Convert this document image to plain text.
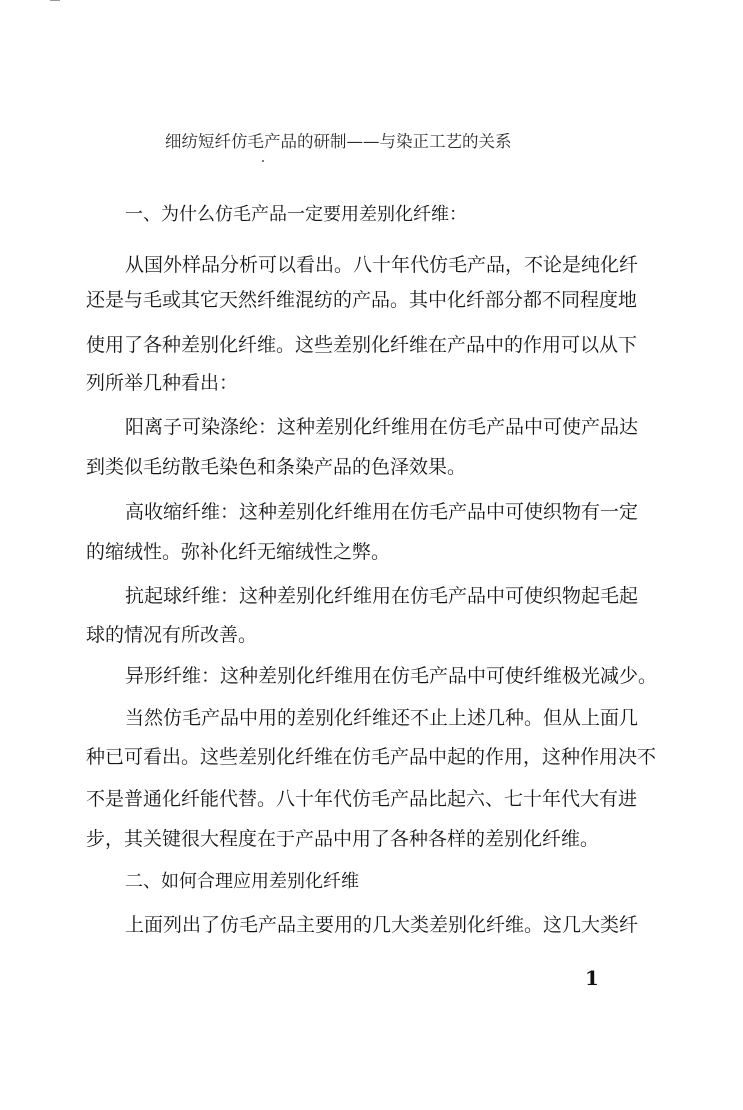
细纺短纤仿毛产品的研制——与染正工艺的关系
一、为什么仿毛产品一定要用差别化纤维：
从国外样品分析可以看出。八十年代仿毛产品，不论是纯化纤
还是与毛或其它天然纤维混纺的产品。其中化纤部分都不同程度地
使用了各种差别化纤维。这些差别化纤维在产品中的作用可以从下
列所举几种看出：
阳离子可染涤纶：这种差别化纤维用在仿毛产品中可使产品达
到类似毛纺散毛染色和条染产品的色泽效果。
高收缩纤维：这种差别化纤维用在仿毛产品中可使织物有一定
的缩绒性。弥补化纤无缩绒性之弊。
抗起球纤维：这种差别化纤维用在仿毛产品中可使织物起毛起
球的情况有所改善。
异形纤维：这种差别化纤维用在仿毛产品中可使纤维极光减少。
当然仿毛产品中用的差别化纤维还不止上述几种。但从上面几
种已可看出。这些差别化纤维在仿毛产品中起的作用，这种作用决不
不是普通化纤能代替。八十年代仿毛产品比起六、七十年代大有进
步，其关键很大程度在于产品中用了各种各样的差别化纤维。
二、如何合理应用差别化纤维
上面列出了仿毛产品主要用的几大类差别化纤维。这几大类纤
1
